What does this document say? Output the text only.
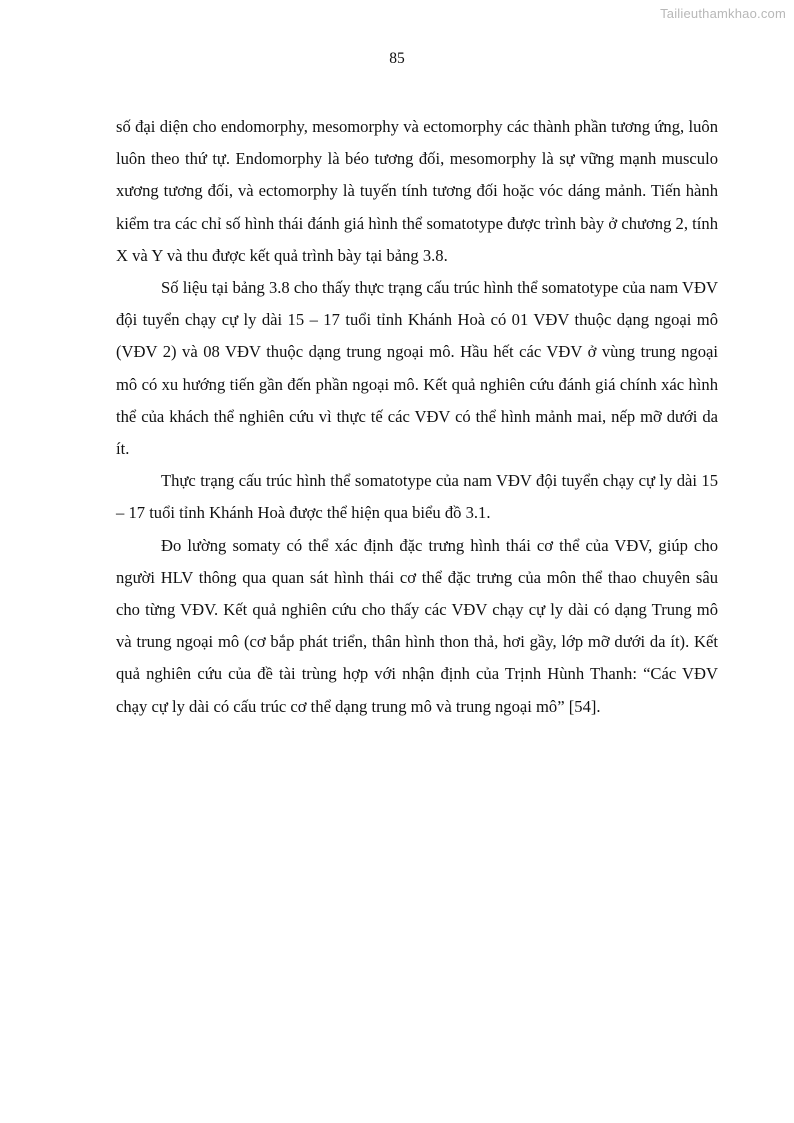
Tailieuthamkhao.com
85

số đại diện cho endomorphy, mesomorphy và ectomorphy các thành phần tương ứng, luôn luôn theo thứ tự. Endomorphy là béo tương đối, mesomorphy là sự vững mạnh musculo xương tương đối, và ectomorphy là tuyến tính tương đối hoặc vóc dáng mảnh. Tiến hành kiểm tra các chỉ số hình thái đánh giá hình thể somatotype được trình bày ở chương 2, tính X và Y và thu được kết quả trình bày tại bảng 3.8.

Số liệu tại bảng 3.8 cho thấy thực trạng cấu trúc hình thể somatotype của nam VĐV đội tuyển chạy cự ly dài 15 – 17 tuổi tỉnh Khánh Hoà có 01 VĐV thuộc dạng ngoại mô (VĐV 2) và 08 VĐV thuộc dạng trung ngoại mô. Hầu hết các VĐV ở vùng trung ngoại mô có xu hướng tiến gần đến phần ngoại mô. Kết quả nghiên cứu đánh giá chính xác hình thể của khách thể nghiên cứu vì thực tế các VĐV có thể hình mảnh mai, nếp mỡ dưới da ít.

Thực trạng cấu trúc hình thể somatotype của nam VĐV đội tuyển chạy cự ly dài 15 – 17 tuổi tỉnh Khánh Hoà được thể hiện qua biểu đồ 3.1.

Đo lường somaty có thể xác định đặc trưng hình thái cơ thể của VĐV, giúp cho người HLV thông qua quan sát hình thái cơ thể đặc trưng của môn thể thao chuyên sâu cho từng VĐV. Kết quả nghiên cứu cho thấy các VĐV chạy cự ly dài có dạng Trung mô và trung ngoại mô (cơ bắp phát triển, thân hình thon thả, hơi gầy, lớp mỡ dưới da ít). Kết quả nghiên cứu của đề tài trùng hợp với nhận định của Trịnh Hùnh Thanh: “Các VĐV chạy cự ly dài có cấu trúc cơ thể dạng trung mô và trung ngoại mô” [54].
